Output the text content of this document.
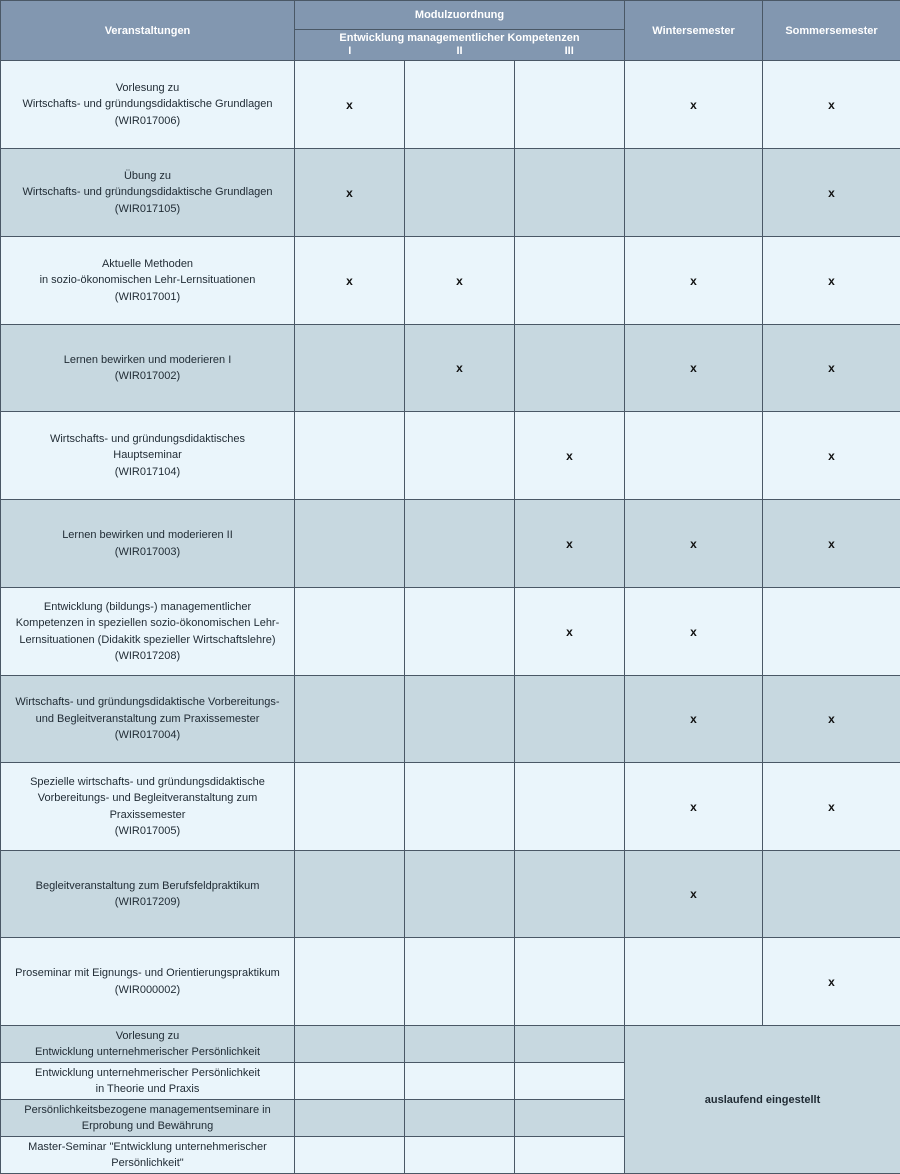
Veranstaltungen	Modulzuordnung			Wintersemester	Sommersemester

	Entwicklung managementlicher Kompetenzen
I II III				

Vorlesung zu
Wirtschafts- und gründungsdidaktische Grundlagen
(WIR017006)	x			x	x

Übung zu
Wirtschafts- und gründungsdidaktische Grundlagen
(WIR017105)	x				x

Aktuelle Methoden
in sozio-ökonomischen Lehr-Lernsituationen
(WIR017001)	x	x		x	x

Lernen bewirken und moderieren I
(WIR017002)		x		x	x

Wirtschafts- und gründungsdidaktisches
Hauptseminar
(WIR017104)			x		x

Lernen bewirken und moderieren II
(WIR017003)			x	x	x

Entwicklung (bildungs-) managementlicher
Kompetenzen in speziellen sozio-ökonomischen Lehr-
Lernsituationen (Didakitk spezieller Wirtschaftslehre)
(WIR017208)			x	x	

Wirtschafts- und gründungsdidaktische Vorbereitungs-
und Begleitveranstaltung zum Praxissemester
(WIR017004)				x	x

Spezielle wirtschafts- und gründungsdidaktische
Vorbereitungs- und Begleitveranstaltung zum
Praxissemester
(WIR017005)				x	x

Begleitveranstaltung zum Berufsfeldpraktikum
(WIR017209)				x	

Proseminar mit Eignungs- und Orientierungspraktikum
(WIR000002)					x

Vorlesung zu
Entwicklung unternehmerischer Persönlichkeit				auslaufend eingestellt	

Entwicklung unternehmerischer Persönlichkeit
in Theorie und Praxis					

Persönlichkeitsbezogene managementseminare in
Erprobung und Bewährung					

Master-Seminar "Entwicklung unternehmerischer
Persönlichkeit"					
